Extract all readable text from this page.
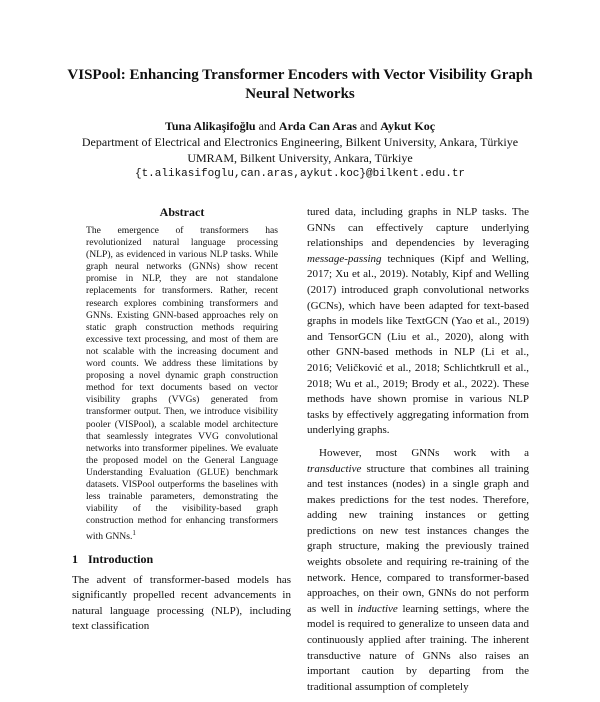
VISPool: Enhancing Transformer Encoders with Vector Visibility Graph Neural Networks
Tuna Alikaşifoğlu and Arda Can Aras and Aykut Koç
Department of Electrical and Electronics Engineering, Bilkent University, Ankara, Türkiye
UMRAM, Bilkent University, Ankara, Türkiye
{t.alikasifoglu,can.aras,aykut.koc}@bilkent.edu.tr
Abstract
The emergence of transformers has revolutionized natural language processing (NLP), as evidenced in various NLP tasks. While graph neural networks (GNNs) show recent promise in NLP, they are not standalone replacements for transformers. Rather, recent research explores combining transformers and GNNs. Existing GNN-based approaches rely on static graph construction methods requiring excessive text processing, and most of them are not scalable with the increasing document and word counts. We address these limitations by proposing a novel dynamic graph construction method for text documents based on vector visibility graphs (VVGs) generated from transformer output. Then, we introduce visibility pooler (VISPool), a scalable model architecture that seamlessly integrates VVG convolutional networks into transformer pipelines. We evaluate the proposed model on the General Language Understanding Evaluation (GLUE) benchmark datasets. VISPool outperforms the baselines with less trainable parameters, demonstrating the viability of the visibility-based graph construction method for enhancing transformers with GNNs.$^1$
1 Introduction
The advent of transformer-based models has significantly propelled recent advancements in natural language processing (NLP), including text classification

tured data, including graphs in NLP tasks. The GNNs can effectively capture underlying relationships and dependencies by leveraging message-passing techniques (Kipf and Welling, 2017; Xu et al., 2019). Notably, Kipf and Welling (2017) introduced graph convolutional networks (GCNs), which have been adapted for text-based graphs in models like TextGCN (Yao et al., 2019) and TensorGCN (Liu et al., 2020), along with other GNN-based methods in NLP (Li et al., 2016; Veličković et al., 2018; Schlichtkrull et al., 2018; Wu et al., 2019; Brody et al., 2022). These methods have shown promise in various NLP tasks by effectively aggregating information from underlying graphs.

However, most GNNs work with a transductive structure that combines all training and test instances (nodes) in a single graph and makes predictions for the test nodes. Therefore, adding new training instances or getting predictions on new test instances changes the graph structure, making the previously trained weights obsolete and requiring re-training of the network. Hence, compared to transformer-based approaches, on their own, GNNs do not perform as well in inductive learning settings, where the model is required to generalize to unseen data and continuously applied after training. The inherent transductive nature of GNNs also raises an important caution by departing from the traditional assumption of completely
